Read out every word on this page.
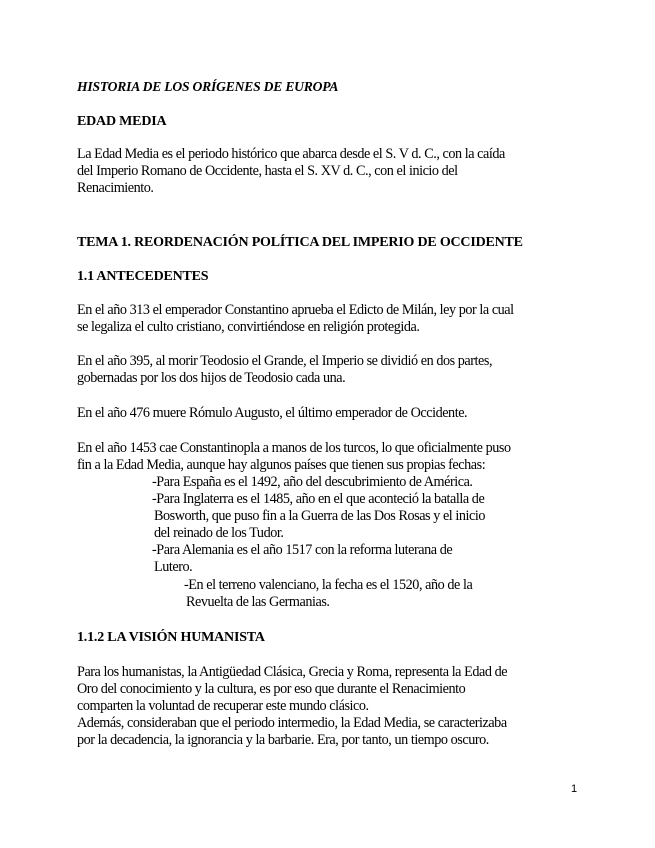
HISTORIA DE LOS ORÍGENES DE EUROPA

EDAD MEDIA

La Edad Media es el periodo histórico que abarca desde el S. V d. C., con la caída
del Imperio Romano de Occidente, hasta el S. XV d. C., con el inicio del
Renacimiento.

TEMA 1. REORDENACIÓN POLÍTICA DEL IMPERIO DE OCCIDENTE

1.1 ANTECEDENTES

En el año 313 el emperador Constantino aprueba el Edicto de Milán, ley por la cual
se legaliza el culto cristiano, convirtiéndose en religión protegida.
En el año 395, al morir Teodosio el Grande, el Imperio se dividió en dos partes,
gobernadas por los dos hijos de Teodosio cada una.
En el año 476 muere Rómulo Augusto, el último emperador de Occidente.
En el año 1453 cae Constantinopla a manos de los turcos, lo que oficialmente puso
fin a la Edad Media, aunque hay algunos países que tienen sus propias fechas:
-Para España es el 1492, año del descubrimiento de América.
-Para Inglaterra es el 1485, año en el que aconteció la batalla de
Bosworth, que puso fin a la Guerra de las Dos Rosas y el inicio
del reinado de los Tudor.
-Para Alemania es el año 1517 con la reforma luterana de
Lutero.
-En el terreno valenciano, la fecha es el 1520, año de la
Revuelta de las Germanias.

1.1.2 LA VISIÓN HUMANISTA

Para los humanistas, la Antigüedad Clásica, Grecia y Roma, representa la Edad de
Oro del conocimiento y la cultura, es por eso que durante el Renacimiento
comparten la voluntad de recuperar este mundo clásico.
Además, consideraban que el periodo intermedio, la Edad Media, se caracterizaba
por la decadencia, la ignorancia y la barbarie. Era, por tanto, un tiempo oscuro.
1
